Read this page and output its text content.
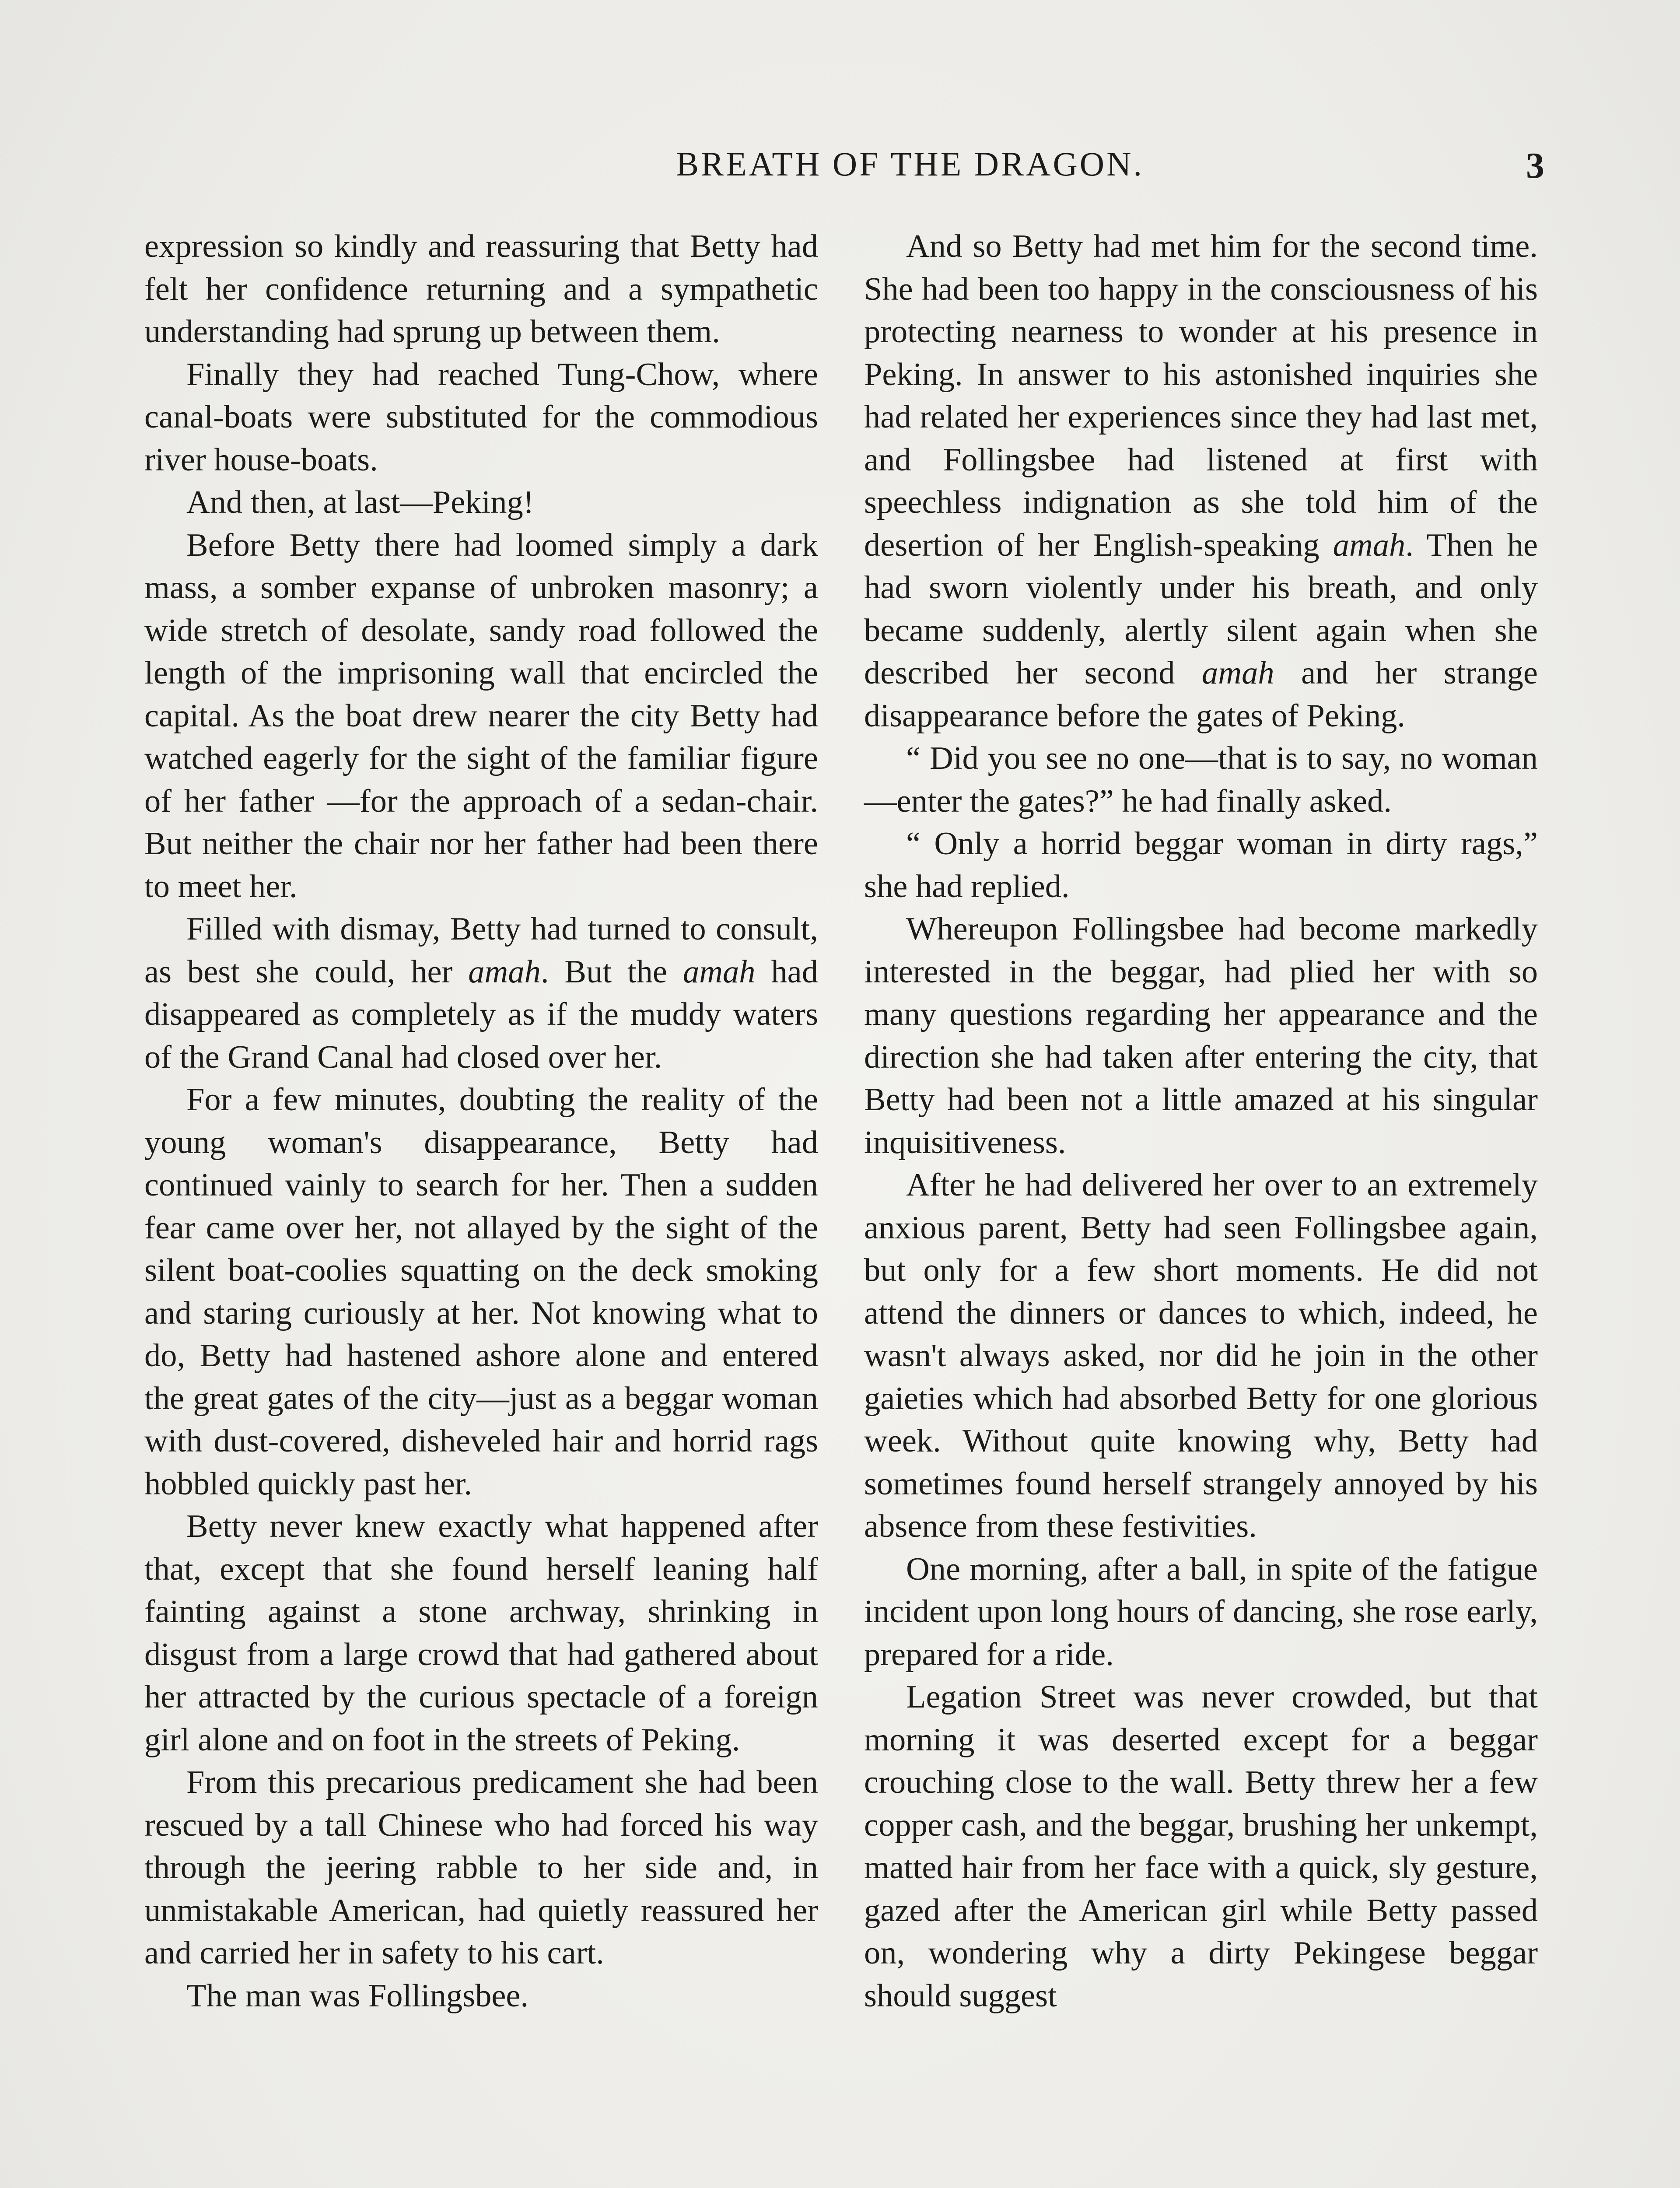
BREATH OF THE DRAGON.	3

expression so kindly and reassuring that Betty had felt her confidence returning and a sympathetic understanding had sprung up between them.

Finally they had reached Tung-Chow, where canal-boats were substituted for the commodious river house-boats.

And then, at last—Peking!

Before Betty there had loomed simply a dark mass, a somber expanse of unbroken masonry; a wide stretch of desolate, sandy road followed the length of the imprisoning wall that encircled the capital. As the boat drew nearer the city Betty had watched eagerly for the sight of the familiar figure of her father —for the approach of a sedan-chair. But neither the chair nor her father had been there to meet her.

Filled with dismay, Betty had turned to consult, as best she could, her amah. But the amah had disappeared as completely as if the muddy waters of the Grand Canal had closed over her.

For a few minutes, doubting the reality of the young woman's disappearance, Betty had continued vainly to search for her. Then a sudden fear came over her, not allayed by the sight of the silent boat-coolies squatting on the deck smoking and staring curiously at her. Not knowing what to do, Betty had hastened ashore alone and entered the great gates of the city—just as a beggar woman with dust-covered, disheveled hair and horrid rags hobbled quickly past her.

Betty never knew exactly what happened after that, except that she found herself leaning half fainting against a stone archway, shrinking in disgust from a large crowd that had gathered about her attracted by the curious spectacle of a foreign girl alone and on foot in the streets of Peking.

From this precarious predicament she had been rescued by a tall Chinese who had forced his way through the jeering rabble to her side and, in unmistakable American, had quietly reassured her and carried her in safety to his cart.

The man was Follingsbee.

And so Betty had met him for the second time. She had been too happy in the consciousness of his protecting nearness to wonder at his presence in Peking. In answer to his astonished inquiries she had related her experiences since they had last met, and Follingsbee had listened at first with speechless indignation as she told him of the desertion of her English-speaking amah. Then he had sworn violently under his breath, and only became suddenly, alertly silent again when she described her second amah and her strange disappearance before the gates of Peking.

“ Did you see no one—that is to say, no woman—enter the gates?” he had finally asked.

“ Only a horrid beggar woman in dirty rags,” she had replied.

Whereupon Follingsbee had become markedly interested in the beggar, had plied her with so many questions regarding her appearance and the direction she had taken after entering the city, that Betty had been not a little amazed at his singular inquisitiveness.

After he had delivered her over to an extremely anxious parent, Betty had seen Follingsbee again, but only for a few short moments. He did not attend the dinners or dances to which, indeed, he wasn't always asked, nor did he join in the other gaieties which had absorbed Betty for one glorious week. Without quite knowing why, Betty had sometimes found herself strangely annoyed by his absence from these festivities.

One morning, after a ball, in spite of the fatigue incident upon long hours of dancing, she rose early, prepared for a ride.

Legation Street was never crowded, but that morning it was deserted except for a beggar crouching close to the wall. Betty threw her a few copper cash, and the beggar, brushing her unkempt, matted hair from her face with a quick, sly gesture, gazed after the American girl while Betty passed on, wondering why a dirty Pekingese beggar should suggest
